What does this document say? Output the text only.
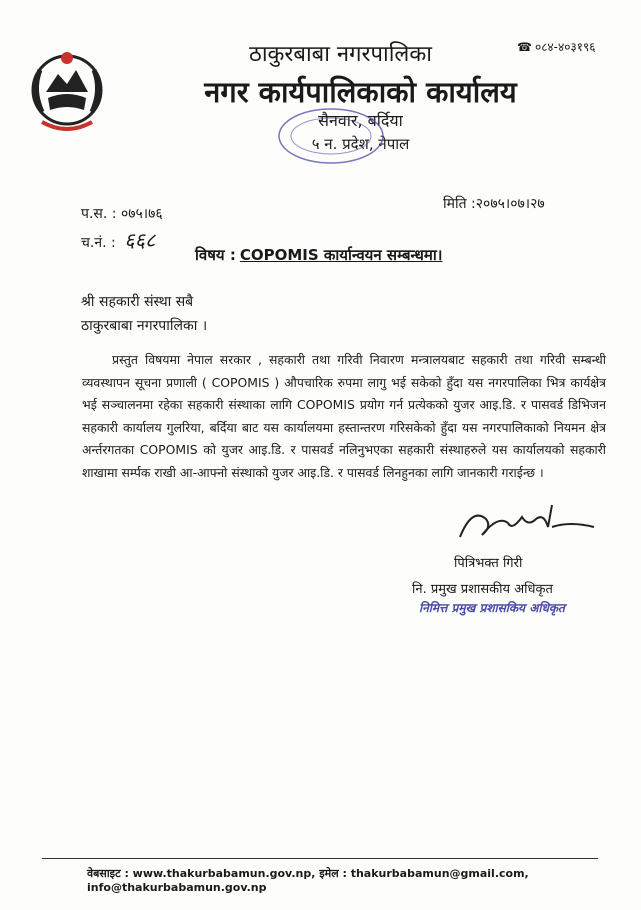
ठाकुरबाबा नगरपालिका
नगर कार्यपालिकाको कार्यालय
सैनवार, बर्दिया
५ न. प्रदेश, नेपाल
☎ ०८४-४०३१९६
प.स. : ०७५।७६
च.नं. : ६६८
मिति :२०७५।०७।२७
विषय : COPOMIS कार्यान्वयन सम्बन्धमा।
श्री सहकारी संस्था सबै
ठाकुरबाबा नगरपालिका ।
प्रस्तुत विषयमा नेपाल सरकार , सहकारी तथा गरिवी निवारण मन्त्रालयबाट सहकारी तथा गरिवी सम्बन्धी व्यवस्थापन सूचना प्रणाली ( COPOMIS ) औपचारिक रुपमा लागु भई सकेको हुँदा यस नगरपालिका भित्र कार्यक्षेत्र भई सञ्चालनमा रहेका सहकारी संस्थाका लागि COPOMIS प्रयोग गर्न प्रत्येकको युजर आइ.डि. र पासवर्ड डिभिजन सहकारी कार्यालय गुलरिया, बर्दिया बाट यस कार्यालयमा हस्तान्तरण गरिसकेको हुँदा यस नगरपालिकाको नियमन क्षेत्र अर्न्तरगतका COPOMIS को युजर आइ.डि. र पासवर्ड नलिनुभएका सहकारी संस्थाहरुले यस कार्यालयको सहकारी शाखामा सर्म्पक राखी आ-आफ्नो संस्थाको युजर आइ.डि. र पासवर्ड लिनहुनका लागि जानकारी गराईन्छ ।
पित्रिभक्त गिरी
नि. प्रमुख प्रशासकीय अधिकृत
निमित्त प्रमुख प्रशासकिय अधिकृत
वेबसाइट : www.thakurbabamun.gov.np, इमेल : thakurbabamun@gmail.com, info@thakurbabamun.gov.np
